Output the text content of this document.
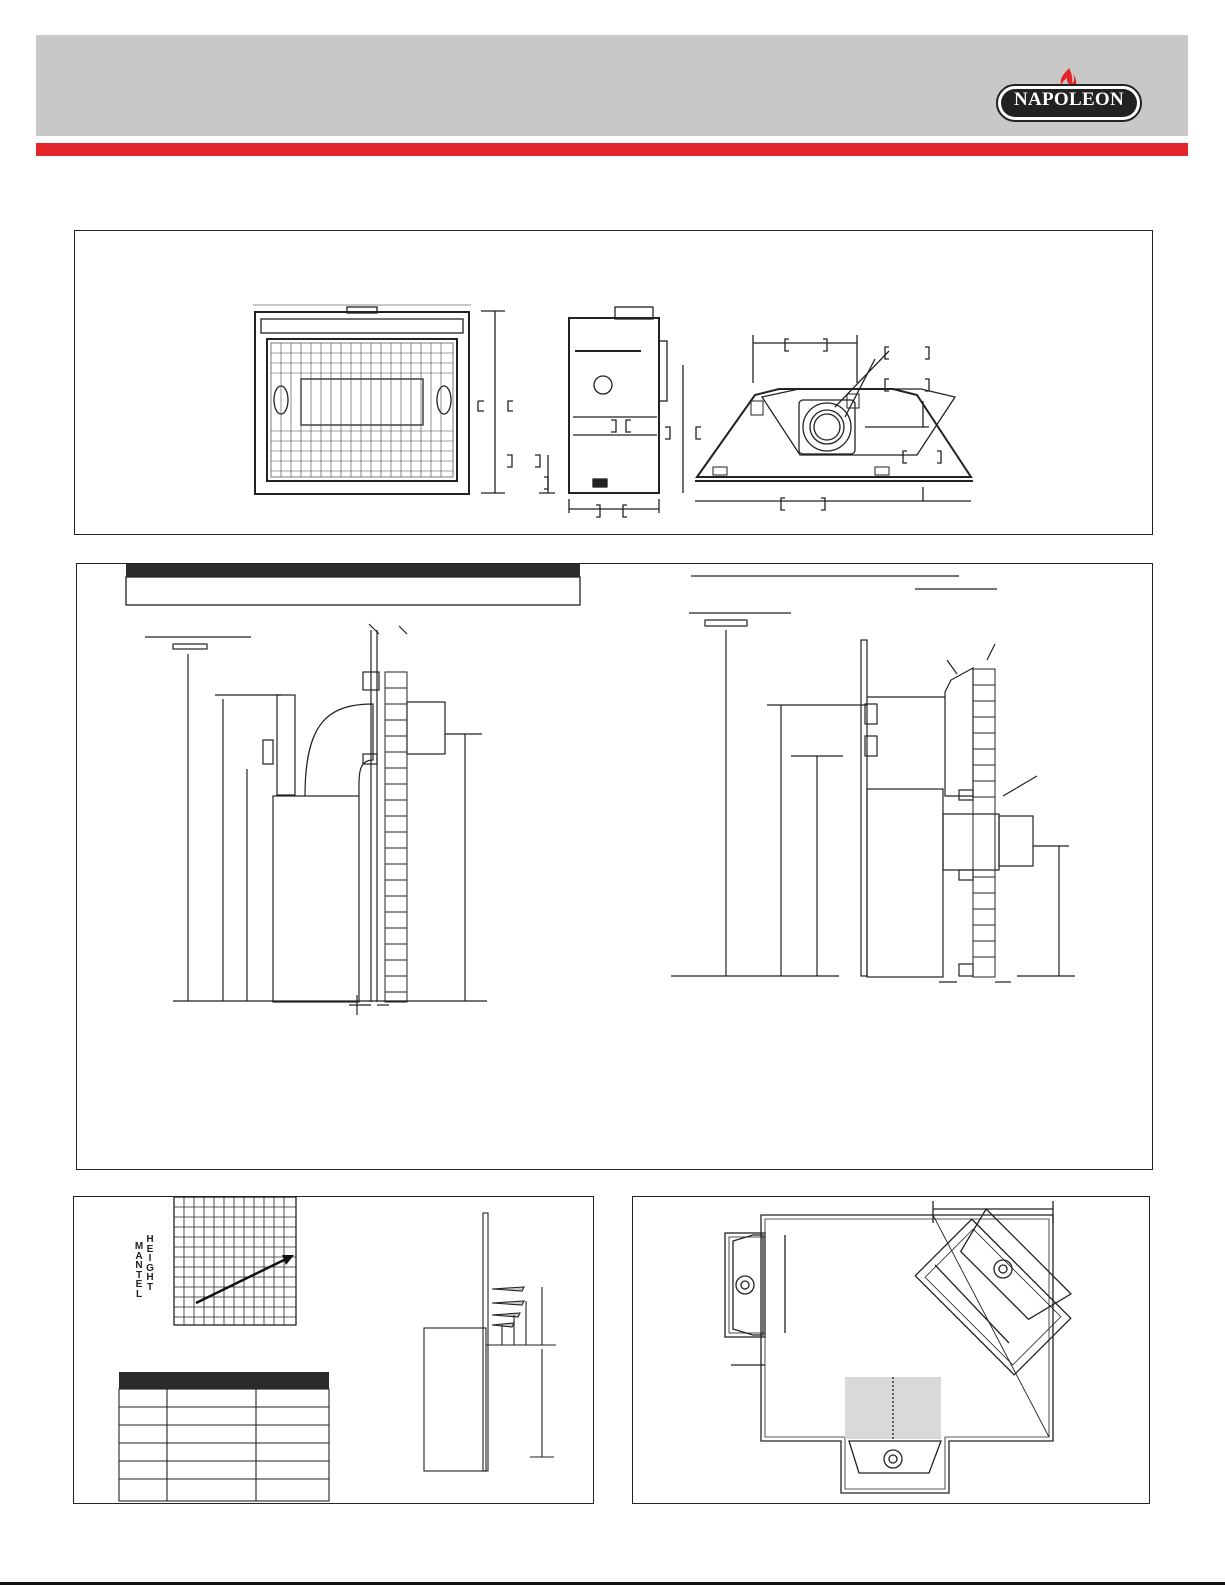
NAPOLEON
M
A
N
T
E
L
H
E
I
G
H
T
